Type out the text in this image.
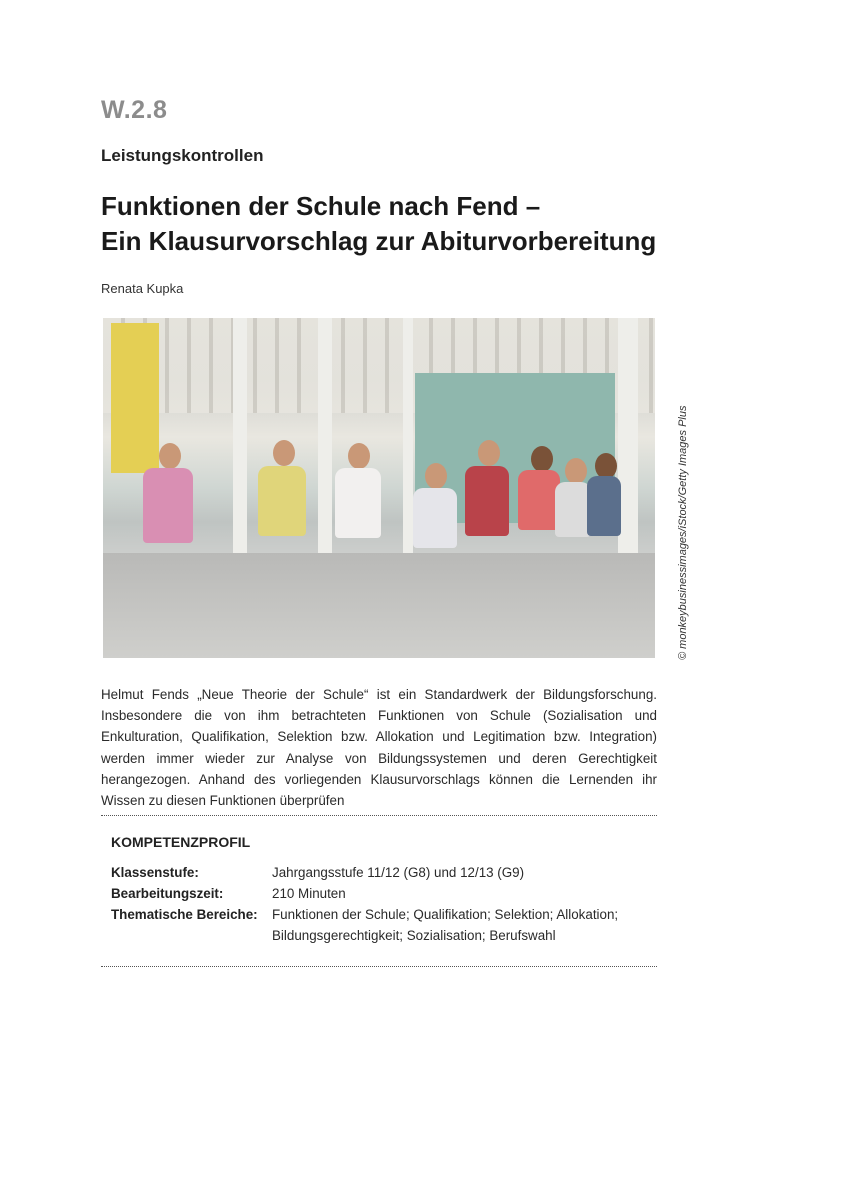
W.2.8
Leistungskontrollen
Funktionen der Schule nach Fend –
Ein Klausurvorschlag zur Abiturvorbereitung
Renata Kupka
© monkeybusinessimages/iStock/Getty Images Plus
Helmut Fends „Neue Theorie der Schule“ ist ein Standardwerk der Bildungsforschung. Insbesondere die von ihm betrachteten Funktionen von Schule (Sozialisation und Enkulturation, Qualifikation, Selektion bzw. Allokation und Legitimation bzw. Integration) werden immer wieder zur Analyse von Bildungssystemen und deren Gerechtigkeit herangezogen. Anhand des vorliegenden Klausurvorschlags können die Lernenden ihr Wissen zu diesen Funktionen überprüfen
KOMPETENZPROFIL
Klassenstufe:	Jahrgangsstufe 11/12 (G8) und 12/13 (G9)
Bearbeitungszeit:	210 Minuten
Thematische Bereiche:	Funktionen der Schule; Qualifikation; Selektion; Allokation; Bildungsgerechtigkeit; Sozialisation; Berufswahl
